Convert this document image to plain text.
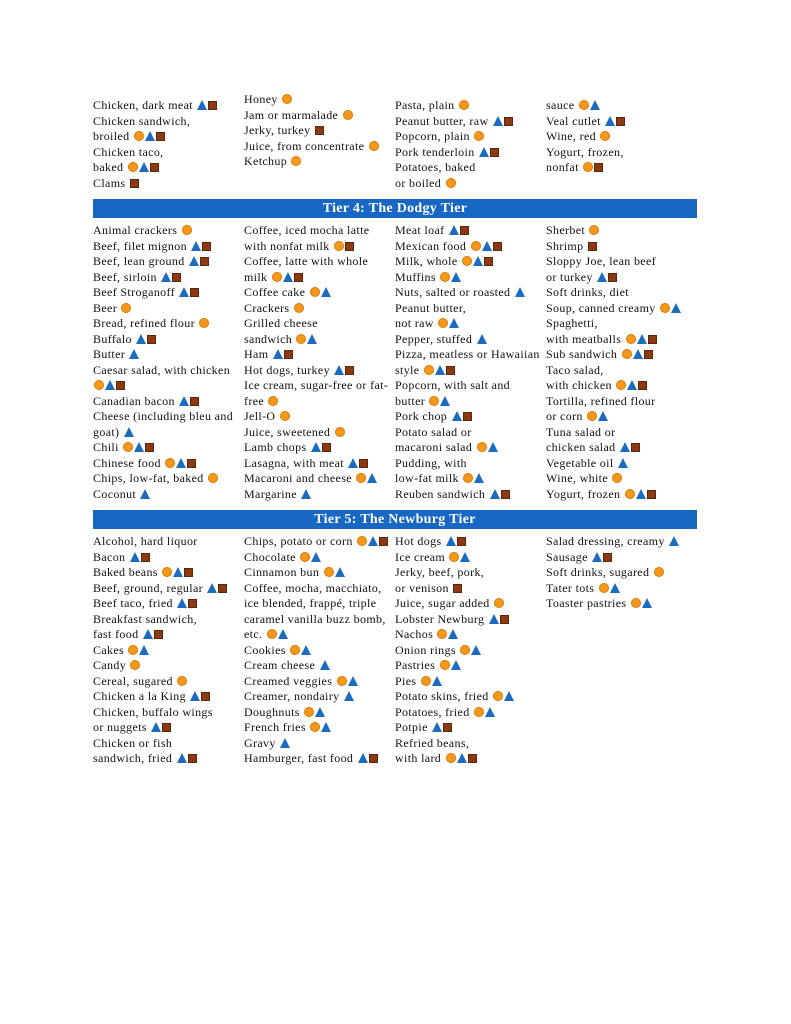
Chicken, dark meat
Chicken sandwich,
broiled
Chicken taco,
baked
Clams
Honey
Jam or marmalade
Jerky, turkey
Juice, from concentrate
Ketchup
Pasta, plain
Peanut butter, raw
Popcorn, plain
Pork tenderloin
Potatoes, baked
or boiled
sauce
Veal cutlet
Wine, red
Yogurt, frozen,
nonfat
Tier 4: The Dodgy Tier
Animal crackers
Beef, filet mignon
Beef, lean ground
Beef, sirloin
Beef Stroganoff
Beer
Bread, refined flour
Buffalo
Butter
Caesar salad, with chicken
Canadian bacon
Cheese (including bleu and
goat)
Chili
Chinese food
Chips, low-fat, baked
Coconut
Coffee, iced mocha latte
with nonfat milk
Coffee, latte with whole
milk
Coffee cake
Crackers
Grilled cheese
sandwich
Ham
Hot dogs, turkey
Ice cream, sugar-free or fat-free
Jell-O
Juice, sweetened
Lamb chops
Lasagna, with meat
Macaroni and cheese
Margarine
Meat loaf
Mexican food
Milk, whole
Muffins
Nuts, salted or roasted
Peanut butter,
not raw
Pepper, stuffed
Pizza, meatless or Hawaiian
style
Popcorn, with salt and
butter
Pork chop
Potato salad or
macaroni salad
Pudding, with
low-fat milk
Reuben sandwich
Sherbet
Shrimp
Sloppy Joe, lean beef
or turkey
Soft drinks, diet
Soup, canned creamy
Spaghetti,
with meatballs
Sub sandwich
Taco salad,
with chicken
Tortilla, refined flour
or corn
Tuna salad or
chicken salad
Vegetable oil
Wine, white
Yogurt, frozen
Tier 5: The Newburg Tier
Alcohol, hard liquor
Bacon
Baked beans
Beef, ground, regular
Beef taco, fried
Breakfast sandwich,
fast food
Cakes
Candy
Cereal, sugared
Chicken a la King
Chicken, buffalo wings
or nuggets
Chicken or fish
sandwich, fried
Chips, potato or corn
Chocolate
Cinnamon bun
Coffee, mocha, macchiato,
ice blended, frappé, triple
caramel vanilla buzz bomb,
etc.
Cookies
Cream cheese
Creamed veggies
Creamer, nondairy
Doughnuts
French fries
Gravy
Hamburger, fast food
Hot dogs
Ice cream
Jerky, beef, pork,
or venison
Juice, sugar added
Lobster Newburg
Nachos
Onion rings
Pastries
Pies
Potato skins, fried
Potatoes, fried
Potpie
Refried beans,
with lard
Salad dressing, creamy
Sausage
Soft drinks, sugared
Tater tots
Toaster pastries
